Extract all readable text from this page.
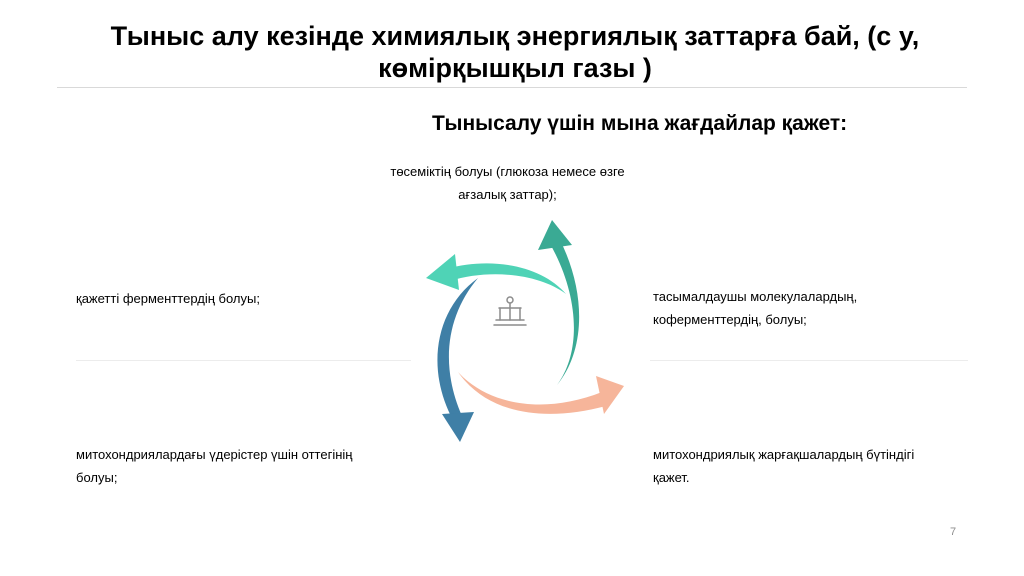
Тыныс алу кезінде химиялық энергиялық заттарға бай, (с у, көмірқышқыл газы )
Тынысалу үшін мына жағдайлар қажет:

төсеміктің болуы (глюкоза немесе өзге ағзалық заттар);

қажетті ферменттердің болуы;	тасымалдаушы молекулалардың, коферменттердің, болуы;

митохондриялардағы үдерістер үшін оттегінің болуы;

митохондриялық жарғақшалардың бүтіндігі қажет.

7
